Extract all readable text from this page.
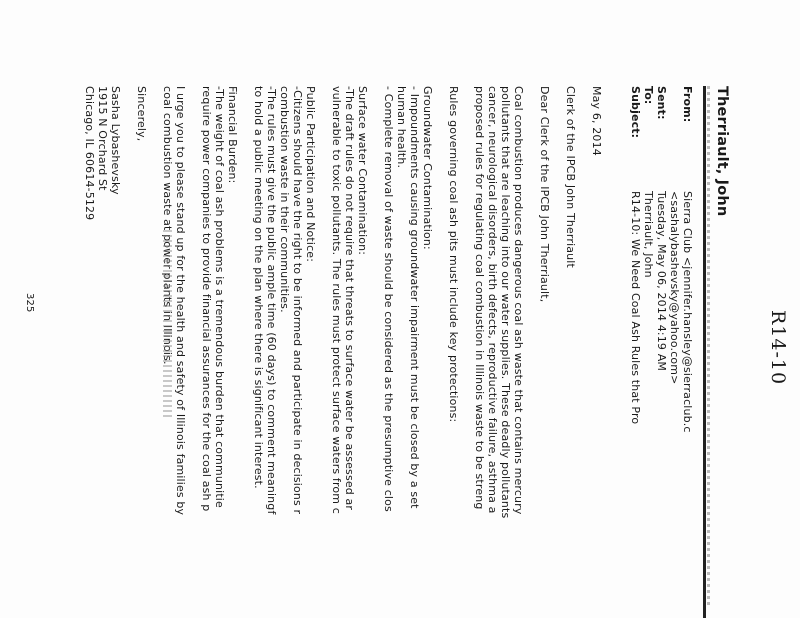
R14-10
Therriault, John
From:
Sierra Club <jennifer.hansley@sierraclub.c
<sashalybashevsky@yahoo.com>
Sent:
Tuesday, May 06, 2014 4:19 AM
To:
Therriault, John
Subject:
R14-10: We Need Coal Ash Rules that Pro
May 6, 2014
Clerk of the IPCB John Therriault
Dear Clerk of the IPCB John Therriault,
Coal combustion produces dangerous coal ash waste that contains mercury
pollutants that are leaching into our water supplies. These deadly pollutants
cancer, neurological disorders, birth defects, reproductive failure, asthma a
proposed rules for regulating coal combustion in Illinois waste to be streng
Rules governing coal ash pits must include key protections:
Groundwater Contamination:
- Impoundments causing groundwater impairment must be closed by a set
human health.
- Complete removal of waste should be considered as the presumptive clos
Surface water Contamination:
-The draft rules do not require that threats to surface water be assessed ar
vulnerable to toxic pollutants. The rules must protect surface waters from c
Public Participation and Notice:
-Citizens should have the right to be informed and participate in decisions r
combustion waste in their communities.
-The rules must give the public ample time (60 days) to comment meaningf
to hold a public meeting on the plan where there is significant interest.
Financial Burden:
-The weight of coal ash problems is a tremendous burden that communitie
require power companies to provide financial assurances for the coal ash p
I urge you to please stand up for the health and safety of Illinois families by
coal combustion waste at power plants in Illinois.
Sincerely,
Sasha Lybashevsky
1915 N Orchard St
Chicago, IL 60614-5129
325
